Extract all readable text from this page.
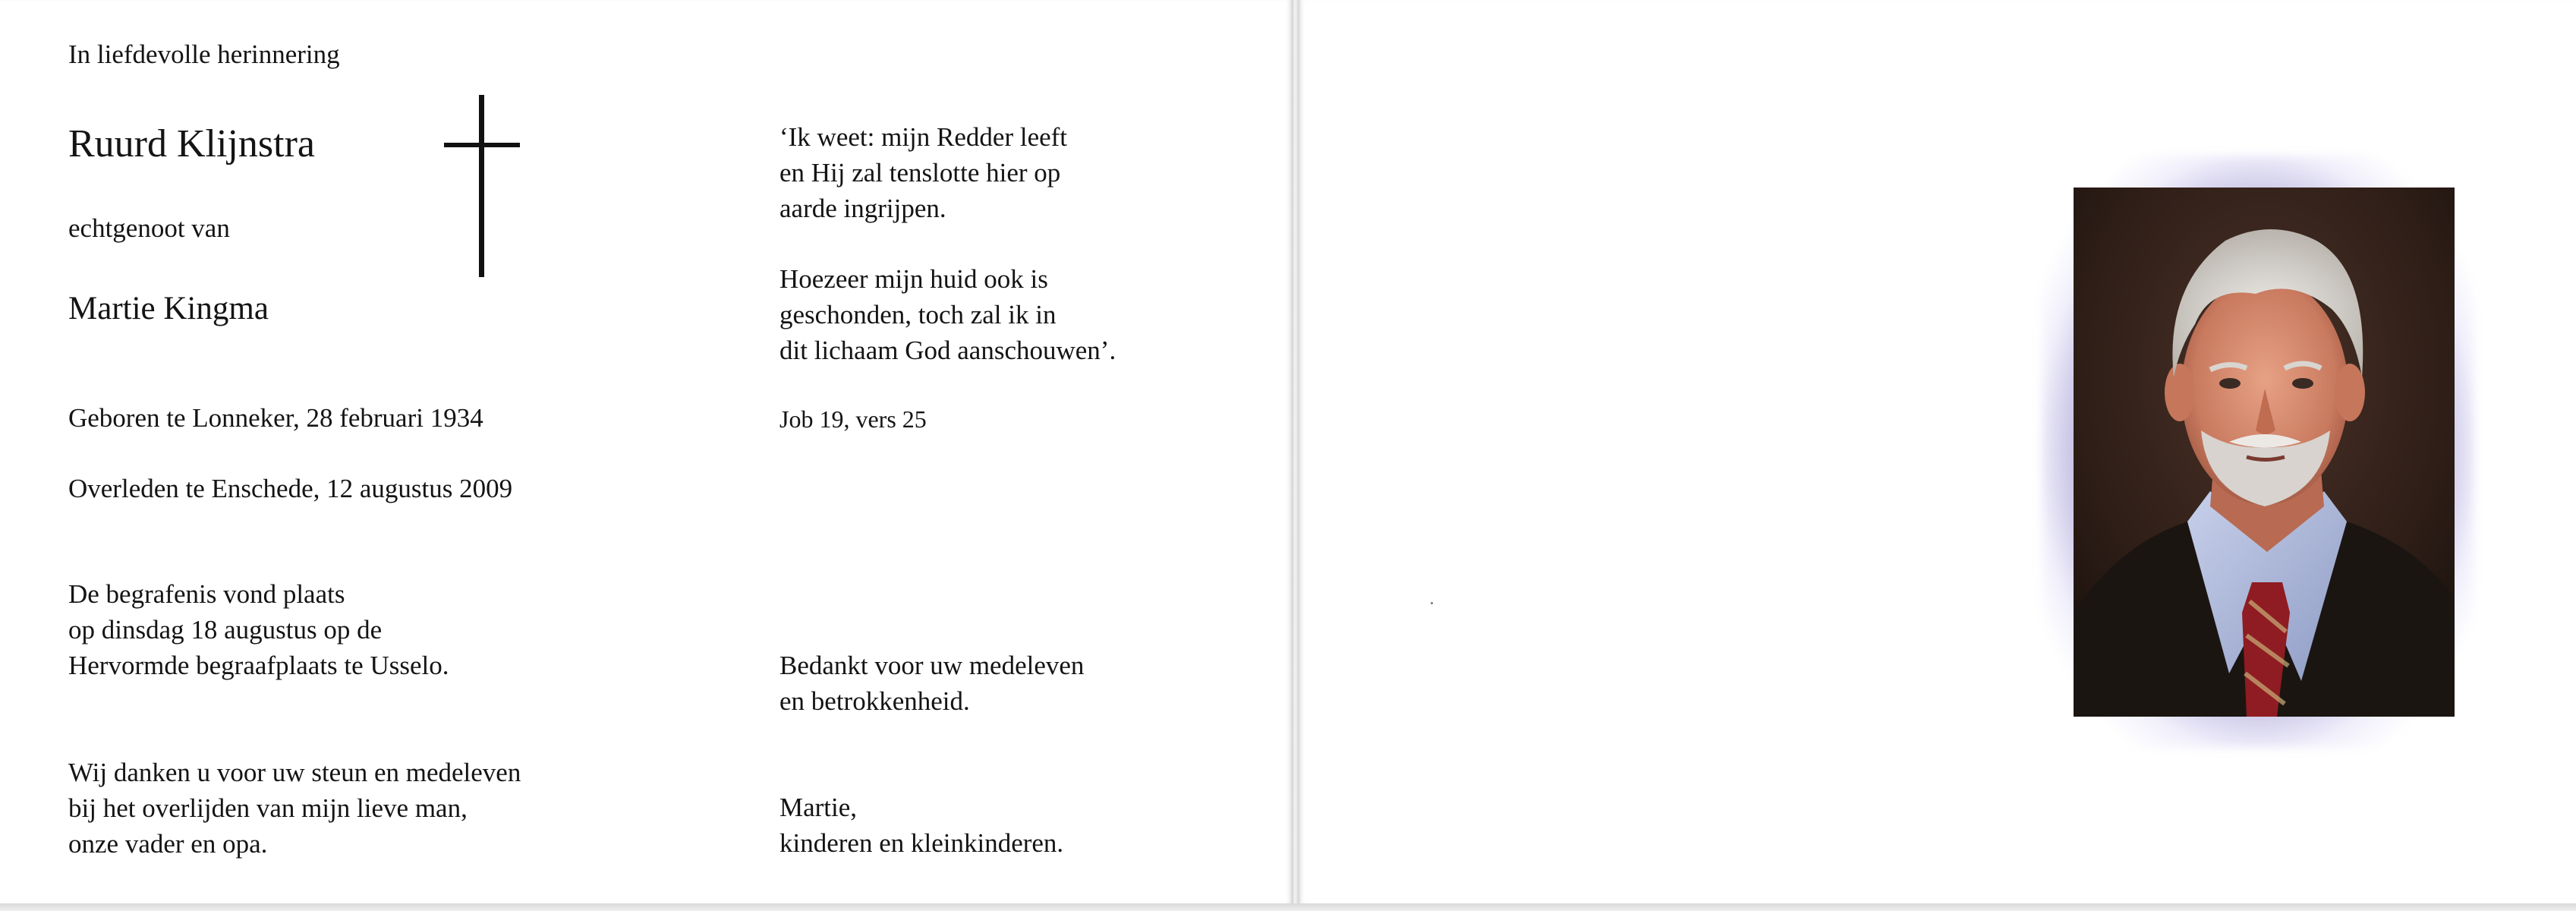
In liefdevolle herinnering

Ruurd Klijnstra

echtgenoot van

Martie Kingma

Geboren te Lonneker, 28 februari 1934

Overleden te Enschede, 12 augustus 2009

De begrafenis vond plaats
op dinsdag 18 augustus op de
Hervormde begraafplaats te Usselo.

Wij danken u voor uw steun en medeleven
bij het overlijden van mijn lieve man,
onze vader en opa.

‘Ik weet: mijn Redder leeft
en Hij zal tenslotte hier op
aarde ingrijpen.

Hoezeer mijn huid ook is
geschonden, toch zal ik in
dit lichaam God aanschouwen’.

Job 19, vers 25

Bedankt voor uw medeleven
en betrokkenheid.

Martie,
kinderen en kleinkinderen.
